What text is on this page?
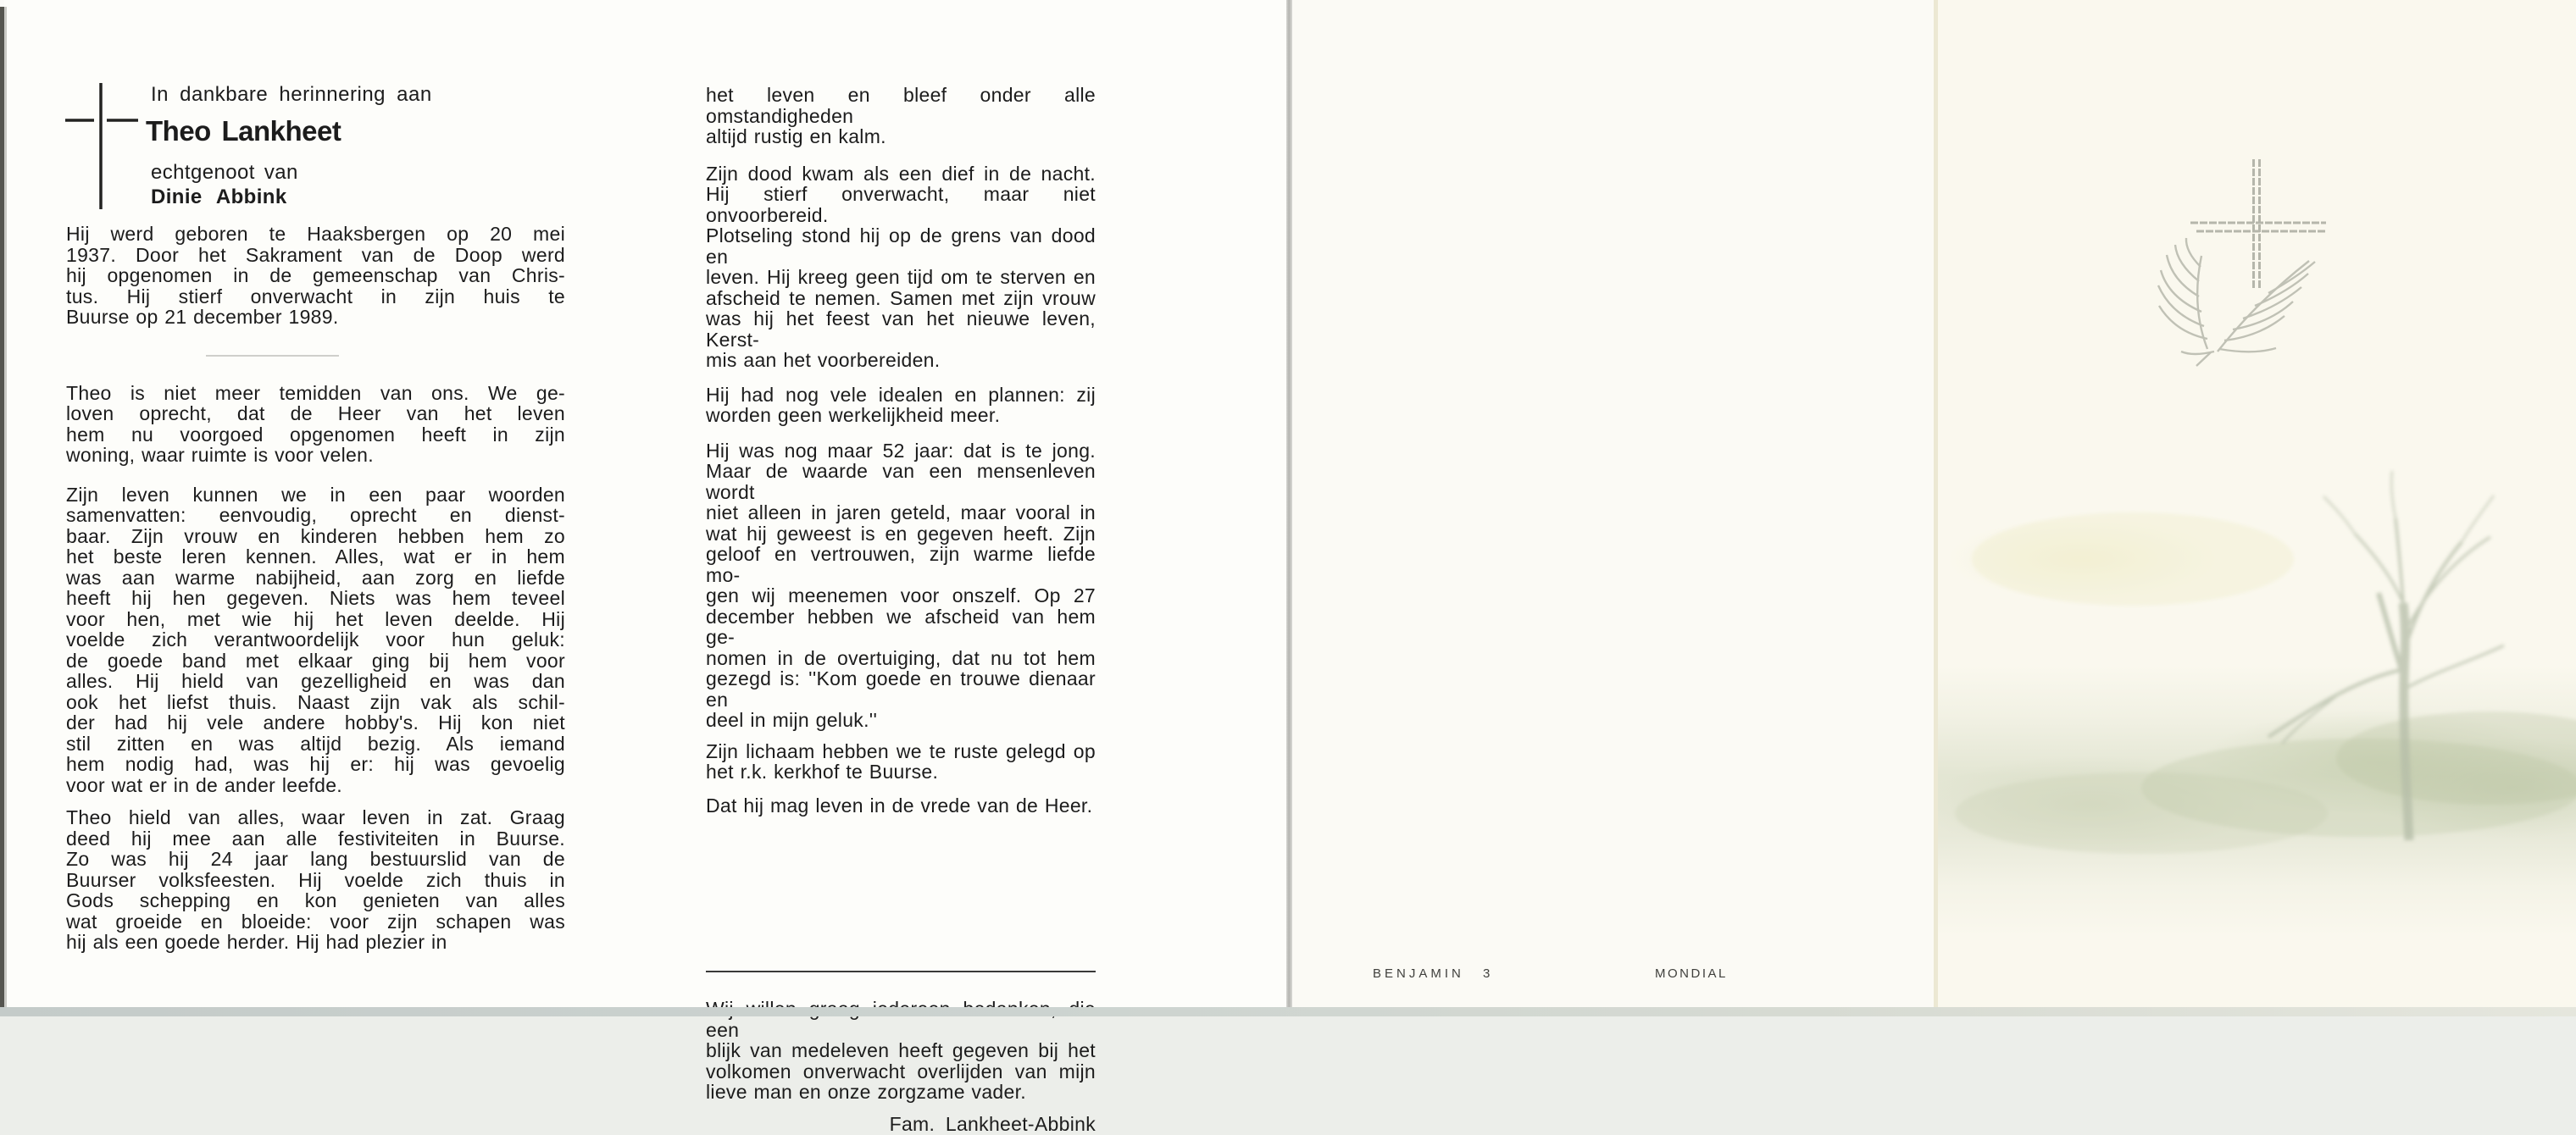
In dankbare herinnering aan
Theo Lankheet
echtgenoot van
Dinie Abbink
Hij werd geboren te Haaksbergen op 20 mei
1937. Door het Sakrament van de Doop werd
hij opgenomen in de gemeenschap van Chris-
tus. Hij stierf onverwacht in zijn huis te
Buurse op 21 december 1989.
Theo is niet meer temidden van ons. We ge-
loven oprecht, dat de Heer van het leven
hem nu voorgoed opgenomen heeft in zijn
woning, waar ruimte is voor velen.
Zijn leven kunnen we in een paar woorden
samenvatten: eenvoudig, oprecht en dienst-
baar. Zijn vrouw en kinderen hebben hem zo
het beste leren kennen. Alles, wat er in hem
was aan warme nabijheid, aan zorg en liefde
heeft hij hen gegeven. Niets was hem teveel
voor hen, met wie hij het leven deelde. Hij
voelde zich verantwoordelijk voor hun geluk:
de goede band met elkaar ging bij hem voor
alles. Hij hield van gezelligheid en was dan
ook het liefst thuis. Naast zijn vak als schil-
der had hij vele andere hobby's. Hij kon niet
stil zitten en was altijd bezig. Als iemand
hem nodig had, was hij er: hij was gevoelig
voor wat er in de ander leefde.
Theo hield van alles, waar leven in zat. Graag
deed hij mee aan alle festiviteiten in Buurse.
Zo was hij 24 jaar lang bestuurslid van de
Buurser volksfeesten. Hij voelde zich thuis in
Gods schepping en kon genieten van alles
wat groeide en bloeide: voor zijn schapen was
hij als een goede herder. Hij had plezier in
het leven en bleef onder alle omstandigheden
altijd rustig en kalm.
Zijn dood kwam als een dief in de nacht.
Hij stierf onverwacht, maar niet onvoorbereid.
Plotseling stond hij op de grens van dood en
leven. Hij kreeg geen tijd om te sterven en
afscheid te nemen. Samen met zijn vrouw
was hij het feest van het nieuwe leven, Kerst-
mis aan het voorbereiden.
Hij had nog vele idealen en plannen: zij
worden geen werkelijkheid meer.
Hij was nog maar 52 jaar: dat is te jong.
Maar de waarde van een mensenleven wordt
niet alleen in jaren geteld, maar vooral in
wat hij geweest is en gegeven heeft. Zijn
geloof en vertrouwen, zijn warme liefde mo-
gen wij meenemen voor onszelf. Op 27
december hebben we afscheid van hem ge-
nomen in de overtuiging, dat nu tot hem
gezegd is: ''Kom goede en trouwe dienaar en
deel in mijn geluk.''
Zijn lichaam hebben we te ruste gelegd op
het r.k. kerkhof te Buurse.
Dat hij mag leven in de vrede van de Heer.
een
blijk van medeleven heeft gegeven bij het
volkomen onverwacht overlijden van mijn
lieve man en onze zorgzame vader.
Fam. Lankheet-Abbink
BENJAMIN 3	MONDIAL
